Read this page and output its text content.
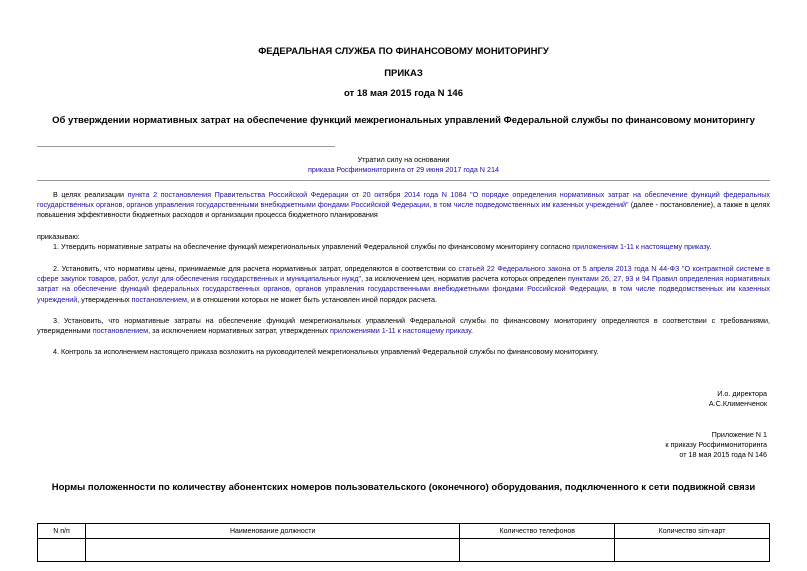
ФЕДЕРАЛЬНАЯ СЛУЖБА ПО ФИНАНСОВОМУ МОНИТОРИНГУ
ПРИКАЗ
от 18 мая 2015 года N 146
Об утверждении нормативных затрат на обеспечение функций межрегиональных управлений Федеральной службы по финансовому мониторингу
Утратил силу на основании
приказа Росфинмониторинга от 29 июня 2017 года N 214
В целях реализации пункта 2 постановления Правительства Российской Федерации от 20 октября 2014 года N 1084 "О порядке определения нормативных затрат на обеспечение функций федеральных государственных органов, органов управления государственными внебюджетными фондами Российской Федерации, в том числе подведомственных им казенных учреждений" (далее - постановление), а также в целях повышения эффективности бюджетных расходов и организации процесса бюджетного планирования
приказываю:
1. Утвердить нормативные затраты на обеспечение функций межрегиональных управлений Федеральной службы по финансовому мониторингу согласно приложениям 1-11 к настоящему приказу.
2. Установить, что нормативы цены, принимаемые для расчета нормативных затрат, определяются в соответствии со статьей 22 Федерального закона от 5 апреля 2013 года N 44-ФЗ "О контрактной системе в сфере закупок товаров, работ, услуг для обеспечения государственных и муниципальных нужд", за исключением цен, норматив расчета которых определен пунктами 26, 27, 93 и 94 Правил определения нормативных затрат на обеспечение функций федеральных государственных органов, органов управления государственными внебюджетными фондами Российской Федерации, в том числе подведомственных им казенных учреждений, утвержденных постановлением, и в отношении которых не может быть установлен иной порядок расчета.
3. Установить, что нормативные затраты на обеспечение функций межрегиональных управлений Федеральной службы по финансовому мониторингу определяются в соответствии с требованиями, утвержденными постановлением, за исключением нормативных затрат, утвержденных приложениями 1-11 к настоящему приказу.
4. Контроль за исполнением настоящего приказа возложить на руководителей межрегиональных управлений Федеральной службы по финансовому мониторингу.
И.о. директора
А.С.Клименченок
Приложение N 1
к приказу Росфинмониторинга
от 18 мая 2015 года N 146
Нормы положенности по количеству абонентских номеров пользовательского (оконечного) оборудования, подключенного к сети подвижной связи
N п/п	Наименование должности	Количество телефонов	Количество sim-карт
